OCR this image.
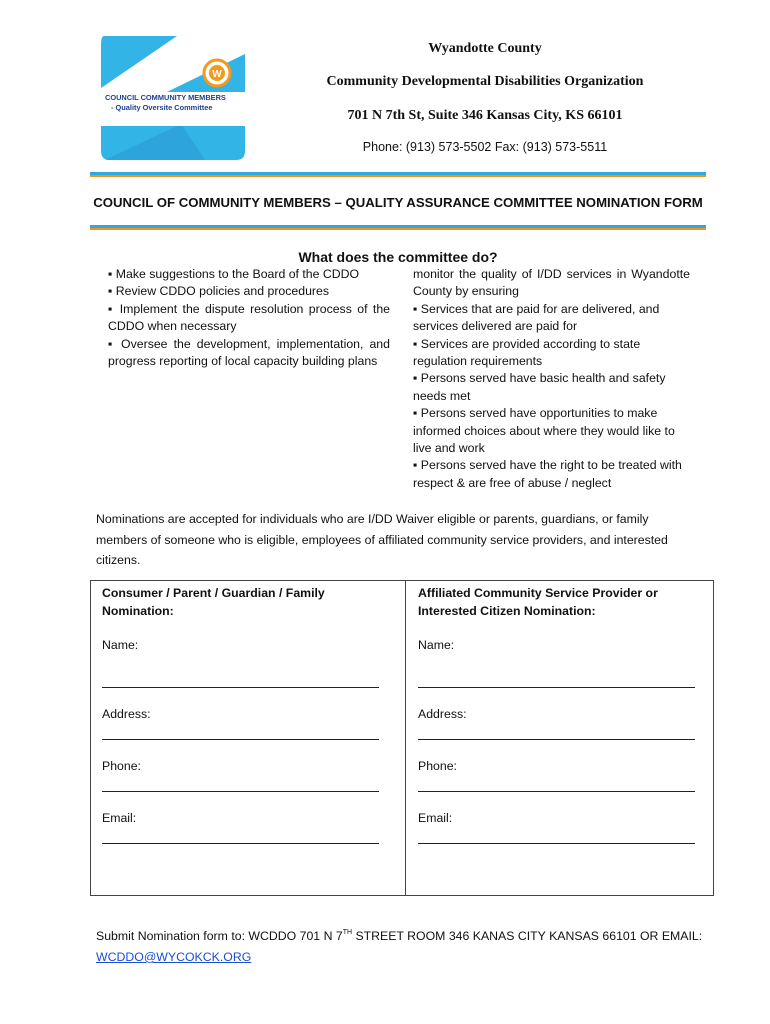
W
COUNCIL COMMUNITY MEMBERS
- Quality Oversite Committee
Wyandotte County
Community Developmental Disabilities Organization
701 N 7th St, Suite 346 Kansas City, KS 66101
Phone: (913) 573-5502 Fax: (913) 573-5511
COUNCIL OF COMMUNITY MEMBERS – QUALITY ASSURANCE COMMITTEE NOMINATION FORM
What does the committee do?

▪ Make suggestions to the Board of the CDDO

▪ Review CDDO policies and procedures

▪ Implement the dispute resolution process of the CDDO when necessary

▪ Oversee the development, implementation, and progress reporting of local capacity building plans

monitor the quality of I/DD services in Wyandotte County by ensuring

▪ Services that are paid for are delivered, and services delivered are paid for

▪ Services are provided according to state regulation requirements

▪ Persons served have basic health and safety needs met

▪ Persons served have opportunities to make informed choices about where they would like to live and work

▪ Persons served have the right to be treated with respect & are free of abuse / neglect

Nominations are accepted for individuals who are I/DD Waiver eligible or parents, guardians, or family members of someone who is eligible, employees of affiliated community service providers, and interested citizens.
Consumer / Parent / Guardian / Family
Nomination:
Name:
Address:
Phone:
Email:
Affiliated Community Service Provider or
Interested Citizen Nomination:
Name:
Address:
Phone:
Email:
Submit Nomination form to: WCDDO 701 N 7TH STREET ROOM 346 KANAS CITY KANSAS 66101 OR EMAIL:
WCDDO@WYCOKCK.ORG
